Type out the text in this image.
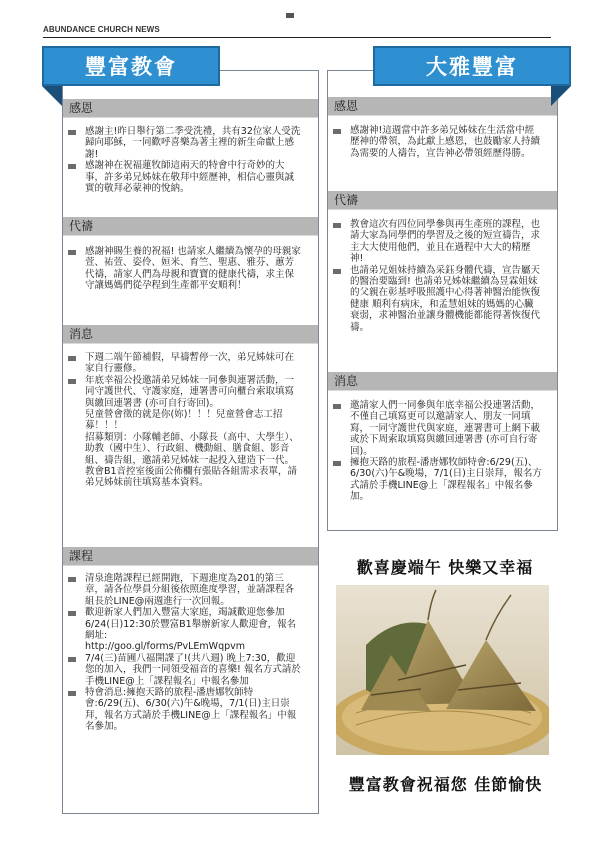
ABUNDANCE CHURCH NEWS
感恩
感謝主!昨日舉行第二季受洗禮，共有32位家人受洗歸向耶穌，一同歡呼喜樂為著主裡的新生命獻上感謝!
感謝神在祝福蓮牧師這兩天的特會中行奇妙的大事，許多弟兄姊妹在敬拜中經歷神，相信心靈與誠實的敬拜必蒙神的悅納。
代禱
感謝神賜生養的祝福! 也請家人繼續為懷孕的母親家萱、祐萱、姿伶、姮米、育竺、聖惠、雅芬、蕙芳代禱，請家人們為母親和寶寶的健康代禱，求主保守讓媽媽們從孕程到生產都平安順利！
消息
下週二端午節補假，早禱暫停一次，弟兄姊妹可在家自行靈修。
年底幸福公投邀請弟兄姊妹一同參與連署活動，一同守護世代、守護家庭，連署書可向櫃台索取填寫與繳回連署書 (亦可自行寄回)。
兒童營會徵的就是你(妳)！！！兒童營會志工招募！！！
招募類別：小隊輔老師、小隊長（高中、大學生）、助教（國中生）、行政組、機動組、膳食組、影音組、禱告組，邀請弟兄姊妹一起投入建造下一代。教會B1音控室後面公佈欄有張貼各組需求表單，請弟兄姊妹前往填寫基本資料。
課程
清泉進階課程已經開跑，下週進度為201的第三章，請各位學員分組後依照進度學習，並請課程各組長於LINE@兩週進行一次回報。
歡迎新家人們加入豐富大家庭，竭誠歡迎您參加6/24(日)12:30於豐富B1舉辦新家人歡迎會，報名網址:
http://goo.gl/forms/PvLEmWqpvm
7/4(三)苗圃八福開課了!(共八週) 晚上7:30，歡迎您的加入，我們一同領受福音的喜樂! 報名方式請於手機LINE@上「課程報名」中報名參加
特會消息:擁抱天路的旅程-潘唐娜牧師特會:6/29(五)、6/30(六)午&晚場，7/1(日)主日崇拜，報名方式請於手機LINE@上「課程報名」中報名參加。
感恩
感謝神!這週當中許多弟兄姊妹在生活當中經歷神的帶領，為此獻上感恩，也鼓勵家人持續為需要的人禱告，宣告神必帶領經歷得勝。
代禱
教會這次有四位同學參與再生產班的課程，也請大家為同學們的學習及之後的短宣禱告，求主大大使用他們，並且在過程中大大的精歷神!
也請弟兄姐妹持續為采鈺身體代禱，宣告屬天的醫治要臨到! 也請弟兄姊妹繼續為昱霖姐妹的父親在彰基呼吸照護中心得著神醫治能恢復健康 順利有病床，和孟慧姐妹的媽媽的心臟衰弱，求神醫治並讓身體機能都能得著恢復代禱。
消息
邀請家人們一同參與年底幸福公投連署活動，不僅自己填寫更可以邀請家人、朋友一同填寫，一同守護世代與家庭，連署書可上網下載或於下周索取填寫與繳回連署書 (亦可自行寄回)。
擁抱天路的旅程-潘唐娜牧師特會:6/29(五)、6/30(六)午&晚場，7/1(日)主日崇拜，報名方式請於手機LINE@上「課程報名」中報名參加。
豐富教會	大雅豐富
歡喜慶端午 快樂又幸福
豐富教會祝福您 佳節愉快
